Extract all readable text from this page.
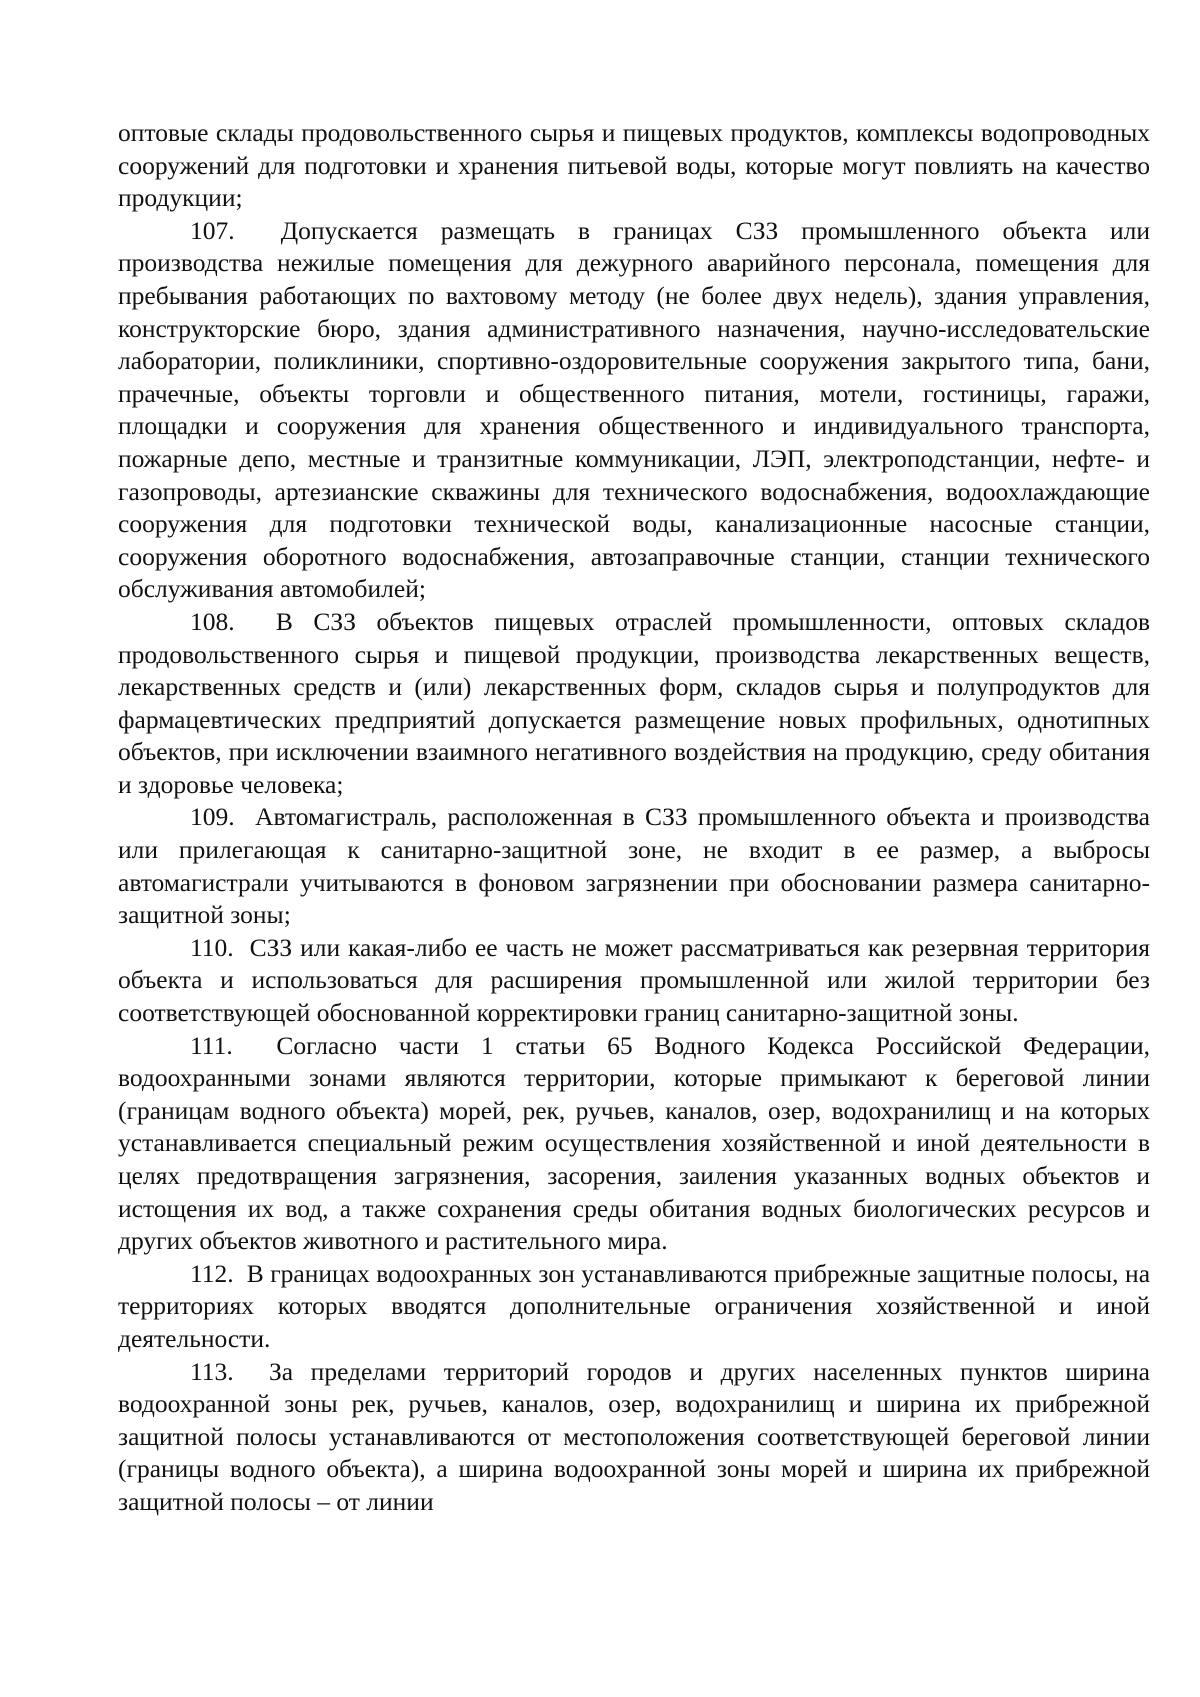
оптовые склады продовольственного сырья и пищевых продуктов, комплексы водопроводных сооружений для подготовки и хранения питьевой воды, которые могут повлиять на качество продукции;

107. Допускается размещать в границах СЗЗ промышленного объекта или производства нежилые помещения для дежурного аварийного персонала, помещения для пребывания работающих по вахтовому методу (не более двух недель), здания управления, конструкторские бюро, здания административного назначения, научно-исследовательские лаборатории, поликлиники, спортивно-оздоровительные сооружения закрытого типа, бани, прачечные, объекты торговли и общественного питания, мотели, гостиницы, гаражи, площадки и сооружения для хранения общественного и индивидуального транспорта, пожарные депо, местные и транзитные коммуникации, ЛЭП, электроподстанции, нефте- и газопроводы, артезианские скважины для технического водоснабжения, водоохлаждающие сооружения для подготовки технической воды, канализационные насосные станции, сооружения оборотного водоснабжения, автозаправочные станции, станции технического обслуживания автомобилей;

108. В СЗЗ объектов пищевых отраслей промышленности, оптовых складов продовольственного сырья и пищевой продукции, производства лекарственных веществ, лекарственных средств и (или) лекарственных форм, складов сырья и полупродуктов для фармацевтических предприятий допускается размещение новых профильных, однотипных объектов, при исключении взаимного негативного воздействия на продукцию, среду обитания и здоровье человека;

109. Автомагистраль, расположенная в СЗЗ промышленного объекта и производства или прилегающая к санитарно-защитной зоне, не входит в ее размер, а выбросы автомагистрали учитываются в фоновом загрязнении при обосновании размера санитарно-защитной зоны;

110. СЗЗ или какая-либо ее часть не может рассматриваться как резервная территория объекта и использоваться для расширения промышленной или жилой территории без соответствующей обоснованной корректировки границ санитарно-защитной зоны.

111. Согласно части 1 статьи 65 Водного Кодекса Российской Федерации, водоохранными зонами являются территории, которые примыкают к береговой линии (границам водного объекта) морей, рек, ручьев, каналов, озер, водохранилищ и на которых устанавливается специальный режим осуществления хозяйственной и иной деятельности в целях предотвращения загрязнения, засорения, заиления указанных водных объектов и истощения их вод, а также сохранения среды обитания водных биологических ресурсов и других объектов животного и растительного мира.

112. В границах водоохранных зон устанавливаются прибрежные защитные полосы, на территориях которых вводятся дополнительные ограничения хозяйственной и иной деятельности.

113. За пределами территорий городов и других населенных пунктов ширина водоохранной зоны рек, ручьев, каналов, озер, водохранилищ и ширина их прибрежной защитной полосы устанавливаются от местоположения соответствующей береговой линии (границы водного объекта), а ширина водоохранной зоны морей и ширина их прибрежной защитной полосы – от линии
